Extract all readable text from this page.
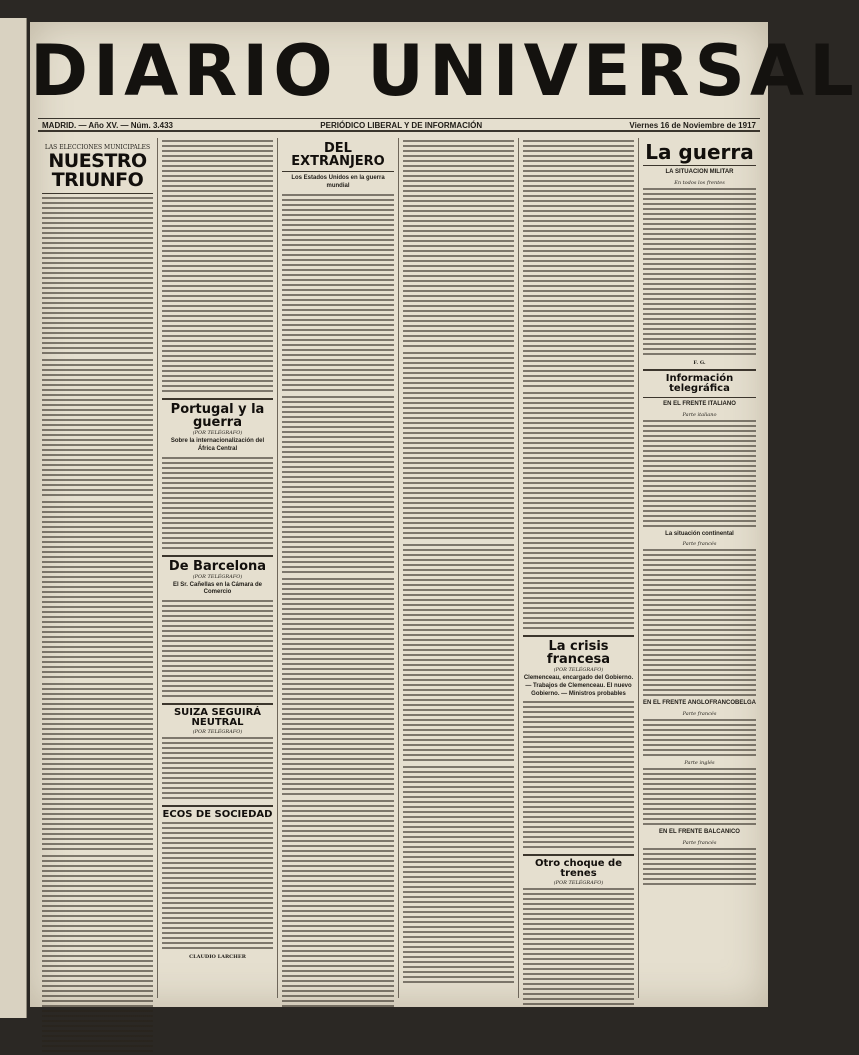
DIARIO UNIVERSAL
MADRID. — Año XV. — Núm. 3.433	PERIÓDICO LIBERAL Y DE INFORMACIÓN	Viernes 16 de Noviembre de 1917
LAS ELECCIONES MUNICIPALES
NUESTRO TRIUNFO
Portugal y la guerra
(POR TELÉGRAFO)
Sobre la internacionalización del África Central
De Barcelona
(POR TELÉGRAFO)
El Sr. Cañellas en la Cámara de Comercio
SUIZA SEGUIRÁ NEUTRAL
(POR TELÉGRAFO)
ECOS DE SOCIEDAD
CLAUDIO LARCHER
DEL EXTRANJERO
Los Estados Unidos en la guerra mundial
La crisis francesa
(POR TELÉGRAFO)
Clemenceau, encargado del Gobierno. — Trabajos de Clemenceau. El nuevo Gobierno. — Ministros probables
Otro choque de trenes
(POR TELÉGRAFO)
La guerra
LA SITUACION MILITAR
En todos los frentes
F. G.
Información telegráfica
EN EL FRENTE ITALIANO
Parte italiano
La situación continental
Parte francés
EN EL FRENTE ANGLOFRANCOBELGA
Parte francés
Parte inglés
EN EL FRENTE BALCANICO
Parte francés
